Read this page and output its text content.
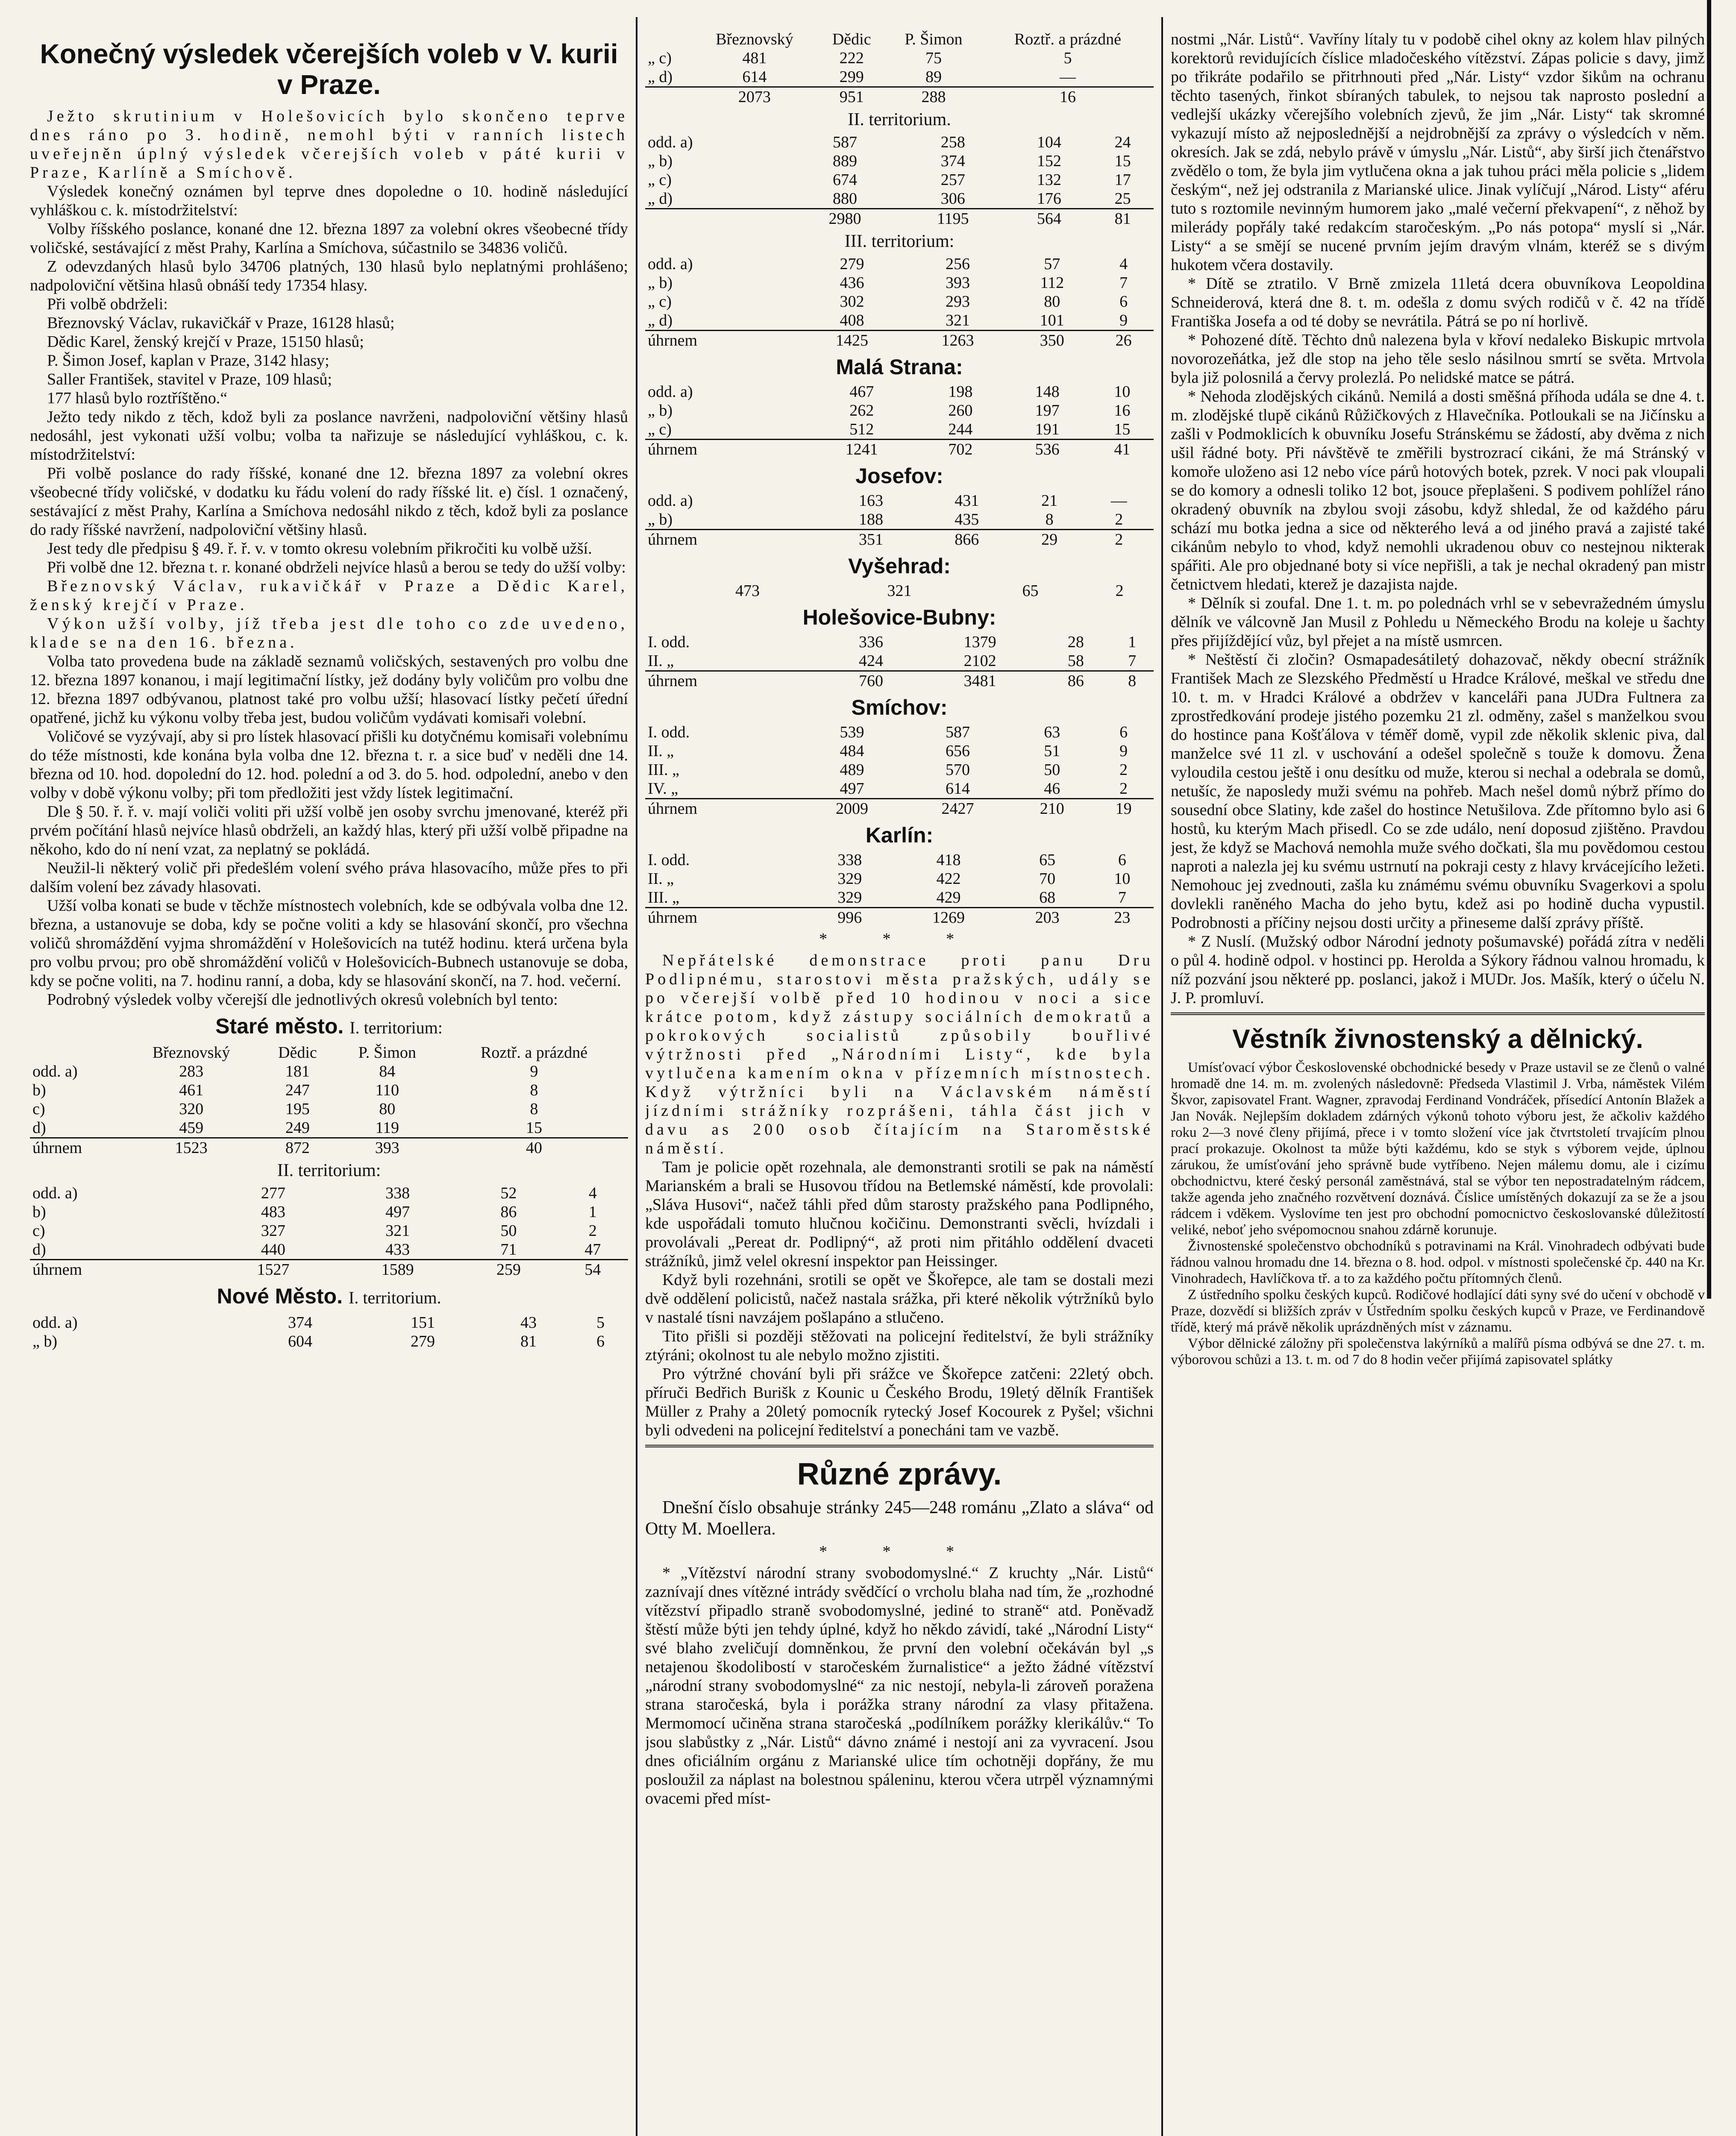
Konečný výsledek včerejších voleb v V. kurii v Praze.

Ježto skrutinium v Holešovicích bylo skončeno teprve dnes ráno po 3. hodině, nemohl býti v ranních listech uveřejněn úplný výsledek včerejších voleb v páté kurii v Praze, Karlíně a Smíchově.

Výsledek konečný oznámen byl teprve dnes dopoledne o 10. hodině následující vyhláškou c. k. místodržitelství:

Volby říšského poslance, konané dne 12. března 1897 za volební okres všeobecné třídy voličské, sestávající z měst Prahy, Karlína a Smíchova, súčastnilo se 34836 voličů.

Z odevzdaných hlasů bylo 34706 platných, 130 hlasů bylo neplatnými prohlášeno; nadpoloviční většina hlasů obnáší tedy 17354 hlasy.

Při volbě obdrželi:

Březnovský Václav, rukavičkář v Praze, 16128 hlasů;

Dědic Karel, ženský krejčí v Praze, 15150 hlasů;

P. Šimon Josef, kaplan v Praze, 3142 hlasy;

Saller František, stavitel v Praze, 109 hlasů;

177 hlasů bylo roztříštěno.“

Ježto tedy nikdo z těch, kdož byli za poslance navrženi, nadpoloviční většiny hlasů nedosáhl, jest vykonati užší volbu; volba ta nařizuje se následující vyhláškou, c. k. místodržitelství:

Při volbě poslance do rady říšské, konané dne 12. března 1897 za volební okres všeobecné třídy voličské, v dodatku ku řádu volení do rady říšské lit. e) čísl. 1 označený, sestávající z měst Prahy, Karlína a Smíchova nedosáhl nikdo z těch, kdož byli za poslance do rady říšské navržení, nadpoloviční většiny hlasů.

Jest tedy dle předpisu § 49. ř. ř. v. v tomto okresu volebním přikročiti ku volbě užší.

Při volbě dne 12. března t. r. konané obdrželi nejvíce hlasů a berou se tedy do užší volby:

Březnovský Václav, rukavičkář v Praze a Dědic Karel, ženský krejčí v Praze.

Výkon užší volby, jíž třeba jest dle toho co zde uvedeno, klade se na den 16. března.

Volba tato provedena bude na základě seznamů voličských, sestavených pro volbu dne 12. března 1897 konanou, i mají legitimační lístky, jež dodány byly voličům pro volbu dne 12. března 1897 odbývanou, platnost také pro volbu užší; hlasovací lístky pečetí úřední opatřené, jichž ku výkonu volby třeba jest, budou voličům vydávati komisaři volební.

Voličové se vyzývají, aby si pro lístek hlasovací přišli ku dotyčnému komisaři volebnímu do téže místnosti, kde konána byla volba dne 12. března t. r. a sice buď v neděli dne 14. března od 10. hod. dopolední do 12. hod. polední a od 3. do 5. hod. odpolední, anebo v den volby v době výkonu volby; při tom předložiti jest vždy lístek legitimační.

Dle § 50. ř. ř. v. mají voliči voliti při užší volbě jen osoby svrchu jmenované, kteréž při prvém počítání hlasů nejvíce hlasů obdrželi, an každý hlas, který při užší volbě připadne na někoho, kdo do ní není vzat, za neplatný se pokládá.

Neužil-li některý volič při předešlém volení svého práva hlasovacího, může přes to při dalším volení bez závady hlasovati.

Užší volba konati se bude v těchže místnostech volebních, kde se odbývala volba dne 12. března, a ustanovuje se doba, kdy se počne voliti a kdy se hlasování skončí, pro všechna voličů shromáždění vyjma shromáždění v Holešovicích na tutéž hodinu. která určena byla pro volbu prvou; pro obě shromáždění voličů v Holešovicích-Bubnech ustanovuje se doba, kdy se počne voliti, na 7. hodinu ranní, a doba, kdy se hlasování skončí, na 7. hod. večerní.

Podrobný výsledek volby včerejší dle jednotlivých okresů volebních byl tento:

Staré město. I. territorium:
	Březnovský	Dědic	P. Šimon	Roztř. a prázdné
odd. a)	283	181	84	9
b)	461	247	110	8
c)	320	195	80	8
d)	459	249	119	15
úhrnem	1523	872	393	40
II. territorium:
odd. a)	277	338	52	4
b)	483	497	86	1
c)	327	321	50	2
d)	440	433	71	47
úhrnem	1527	1589	259	54
Nové Město. I. territorium.
odd. a)	374	151	43	5
„ b)	604	279	81	6
	Březnovský	Dědic	P. Šimon	Roztř. a prázdné
„ c)	481	222	75	5
„ d)	614	299	89	—
	2073	951	288	16
II. territorium.
odd. a)	587	258	104	24
„ b)	889	374	152	15
„ c)	674	257	132	17
„ d)	880	306	176	25
	2980	1195	564	81
III. territorium:
odd. a)	279	256	57	4
„ b)	436	393	112	7
„ c)	302	293	80	6
„ d)	408	321	101	9
úhrnem	1425	1263	350	26
Malá Strana:
odd. a)	467	198	148	10
„ b)	262	260	197	16
„ c)	512	244	191	15
úhrnem	1241	702	536	41
Josefov:
odd. a)	163	431	21	—
„ b)	188	435	8	2
úhrnem	351	866	29	2
Vyšehrad:
	473	321	65	2
Holešovice-Bubny:
I. odd.	336	1379	28	1
II. „	424	2102	58	7
úhrnem	760	3481	86	8
Smíchov:
I. odd.	539	587	63	6
II. „	484	656	51	9
III. „	489	570	50	2
IV. „	497	614	46	2
úhrnem	2009	2427	210	19
Karlín:
I. odd.	338	418	65	6
II. „	329	422	70	10
III. „	329	429	68	7
úhrnem	996	1269	203	23
* * *

Nepřátelské demonstrace proti panu Dru Podlipnému, starostovi města pražských, udály se po včerejší volbě před 10 hodinou v noci a sice krátce potom, když zástupy sociálních demokratů a pokrokových socialistů způsobily bouřlivé výtržnosti před „Národními Listy“, kde byla vytlučena kamením okna v přízemních místnostech. Když výtržníci byli na Václavském náměstí jízdními strážníky rozprášeni, táhla část jich v davu as 200 osob čítajícím na Staroměstské náměstí.

Tam je policie opět rozehnala, ale demonstranti srotili se pak na náměstí Marianském a brali se Husovou třídou na Betlemské náměstí, kde provolali: „Sláva Husovi“, načež táhli před dům starosty pražského pana Podlipného, kde uspořádali tomuto hlučnou kočičinu. Demonstranti svěcli, hvízdali i provolávali „Pereat dr. Podlipný“, až proti nim přitáhlo oddělení dvaceti strážníků, jimž velel okresní inspektor pan Heissinger.

Když byli rozehnáni, srotili se opět ve Škořepce, ale tam se dostali mezi dvě oddělení policistů, načež nastala srážka, při které několik výtržníků bylo v nastalé tísni navzájem pošlapáno a stlučeno.

Tito přišli si později stěžovati na policejní ředitelství, že byli strážníky ztýráni; okolnost tu ale nebylo možno zjistiti.

Pro výtržné chování byli při srážce ve Škořepce zatčeni: 22letý obch. příruči Bedřich Burišk z Kounic u Českého Brodu, 19letý dělník František Müller z Prahy a 20letý pomocník rytecký Josef Kocourek z Pyšel; všichni byli odvedeni na policejní ředitelství a ponecháni tam ve vazbě.

Různé zprávy.

Dnešní číslo obsahuje stránky 245—248 románu „Zlato a sláva“ od Otty M. Moellera.

* * *

* „Vítězství národní strany svobodomyslné.“ Z kruchty „Nár. Listů“ zaznívají dnes vítězné intrády svědčící o vrcholu blaha nad tím, že „rozhodné vítězství připadlo straně svobodomyslné, jediné to straně“ atd. Poněvadž štěstí může býti jen tehdy úplné, když ho někdo závidí, také „Národní Listy“ své blaho zveličují domněnkou, že první den volební očekáván byl „s netajenou škodolibostí v staročeském žurnalistice“ a ježto žádné vítězství „národní strany svobodomyslné“ za nic nestojí, nebyla-li zároveň poražena strana staročeská, byla i porážka strany národní za vlasy přitažena. Mermomocí učiněna strana staročeská „podílníkem porážky klerikálův.“ To jsou slabůstky z „Nár. Listů“ dávno známé i nestojí ani za vyvracení. Jsou dnes oficiálním orgánu z Marianské ulice tím ochotněji dopřány, že mu posloužil za náplast na bolestnou spáleninu, kterou včera utrpěl významnými ovacemi před míst-

nostmi „Nár. Listů“. Vavříny lítaly tu v podobě cihel okny az kolem hlav pilných korektorů revidujících číslice mladočeského vítězství. Zápas policie s davy, jimž po třikráte podařilo se přitrhnouti před „Nár. Listy“ vzdor šikům na ochranu těchto tasených, řinkot sbíraných tabulek, to nejsou tak naprosto poslední a vedlejší ukázky včerejšího volebních zjevů, že jim „Nár. Listy“ tak skromné vykazují místo až nejposlednější a nejdrobnější za zprávy o výsledcích v něm. okresích. Jak se zdá, nebylo právě v úmyslu „Nár. Listů“, aby širší jich čtenářstvo zvědělo o tom, že byla jim vytlučena okna a jak tuhou práci měla policie s „lidem českým“, než jej odstranila z Marianské ulice. Jinak vylíčují „Národ. Listy“ aféru tuto s roztomile nevinným humorem jako „malé večerní překvapení“, z něhož by milerády popřály také redakcím staročeským. „Po nás potopa“ myslí si „Nár. Listy“ a se smějí se nucené prvním jejím dravým vlnám, kteréž se s divým hukotem včera dostavily.

* Dítě se ztratilo. V Brně zmizela 11letá dcera obuvníkova Leopoldina Schneiderová, která dne 8. t. m. odešla z domu svých rodičů v č. 42 na třídě Františka Josefa a od té doby se nevrátila. Pátrá se po ní horlivě.

* Pohozené dítě. Těchto dnů nalezena byla v křoví nedaleko Biskupic mrtvola novorozeňátka, jež dle stop na jeho těle seslo násilnou smrtí se světa. Mrtvola byla již polosnilá a červy prolezlá. Po nelidské matce se pátrá.

* Nehoda zlodějských cikánů. Nemilá a dosti směšná příhoda udála se dne 4. t. m. zlodějské tlupě cikánů Růžičkových z Hlavečníka. Potloukali se na Jičínsku a zašli v Podmoklicích k obuvníku Josefu Stránskému se žádostí, aby dvěma z nich ušil řádné boty. Při návštěvě te změřili bystrozrací cikáni, že má Stránský v komoře uloženo asi 12 nebo více párů hotových botek, pzrek. V noci pak vloupali se do komory a odnesli toliko 12 bot, jsouce přeplašeni. S podivem pohlížel ráno okradený obuvník na zbylou svoji zásobu, když shledal, že od každého páru schází mu botka jedna a sice od některého levá a od jiného pravá a zajisté také cikánům nebylo to vhod, když nemohli ukradenou obuv co nestejnou nikterak spářiti. Ale pro objednané boty si více nepřišli, a tak je nechal okradený pan mistr četnictvem hledati, kterež je dazajista najde.

* Dělník si zoufal. Dne 1. t. m. po polednách vrhl se v sebevražedném úmyslu dělník ve válcovně Jan Musil z Pohledu u Německého Brodu na koleje u šachty přes přijíždějící vůz, byl přejet a na místě usmrcen.

* Neštěstí či zločin? Osmapadesátiletý dohazovač, někdy obecní strážník František Mach ze Slezského Předměstí u Hradce Králové, meškal ve středu dne 10. t. m. v Hradci Králové a obdržev v kanceláři pana JUDra Fultnera za zprostředkování prodeje jistého pozemku 21 zl. odměny, zašel s manželkou svou do hostince pana Košťálova v téměř domě, vypil zde několik sklenic piva, dal manželce své 11 zl. v uschování a odešel společně s touže k domovu. Žena vyloudila cestou ještě i onu desítku od muže, kterou si nechal a odebrala se domů, netušíc, že naposledy muži svému na pohřeb. Mach nešel domů nýbrž přímo do sousední obce Slatiny, kde zašel do hostince Netušilova. Zde přítomno bylo asi 6 hostů, ku kterým Mach přisedl. Co se zde událo, není doposud zjištěno. Pravdou jest, že když se Machová nemohla muže svého dočkati, šla mu povědomou cestou naproti a nalezla jej ku svému ustrnutí na pokraji cesty z hlavy krvácejícího ležeti. Nemohouc jej zvednouti, zašla ku známému svému obuvníku Svagerkovi a spolu dovlekli raněného Macha do jeho bytu, kdež asi po hodině ducha vypustil. Podrobnosti a příčiny nejsou dosti určity a přineseme další zprávy příště.

* Z Nuslí. (Mužský odbor Národní jednoty pošumavské) pořádá zítra v neděli o půl 4. hodině odpol. v hostinci pp. Herolda a Sýkory řádnou valnou hromadu, k níž pozvání jsou některé pp. poslanci, jakož i MUDr. Jos. Mašík, který o účelu N. J. P. promluví.

Věstník živnostenský a dělnický.

Umísťovací výbor Československé obchodnické besedy v Praze ustavil se ze členů o valné hromadě dne 14. m. m. zvolených následovně: Předseda Vlastimil J. Vrba, náměstek Vilém Škvor, zapisovatel Frant. Wagner, zpravodaj Ferdinand Vondráček, přísedící Antonín Blažek a Jan Novák. Nejlepším dokladem zdárných výkonů tohoto výboru jest, že ačkoliv každého roku 2—3 nové členy přijímá, přece i v tomto složení více jak čtvrtstoletí trvajícím plnou prací prokazuje. Okolnost ta může býti každému, kdo se styk s výborem vejde, úplnou zárukou, že umísťování jeho správně bude vytříbeno. Nejen málemu domu, ale i cizímu obchodnictvu, které český personál zaměstnává, stal se výbor ten nepostradatelným rádcem, takže agenda jeho značného rozvětvení doznává. Číslice umístěných dokazují za se že a jsou rádcem i vděkem. Vyslovíme ten jest pro obchodní pomocnictvo českoslovanské důležitostí veliké, neboť jeho svépomocnou snahou zdárně korunuje.

Živnostenské společenstvo obchodníků s potravinami na Král. Vinohradech odbývati bude řádnou valnou hromadu dne 14. března o 8. hod. odpol. v místnosti společenské čp. 440 na Kr. Vinohradech, Havlíčkova tř. a to za každého počtu přítomných členů.

Z ústředního spolku českých kupců. Rodičové hodlající dáti syny své do učení v obchodě v Praze, dozvědí si bližších zpráv v Ústředním spolku českých kupců v Praze, ve Ferdinandově třídě, který má právě několik uprázdněných míst v záznamu.

Výbor dělnické záložny při společenstva lakýrníků a malířů písma odbývá se dne 27. t. m. výborovou schůzi a 13. t. m. od 7 do 8 hodin večer přijímá zapisovatel splátky
